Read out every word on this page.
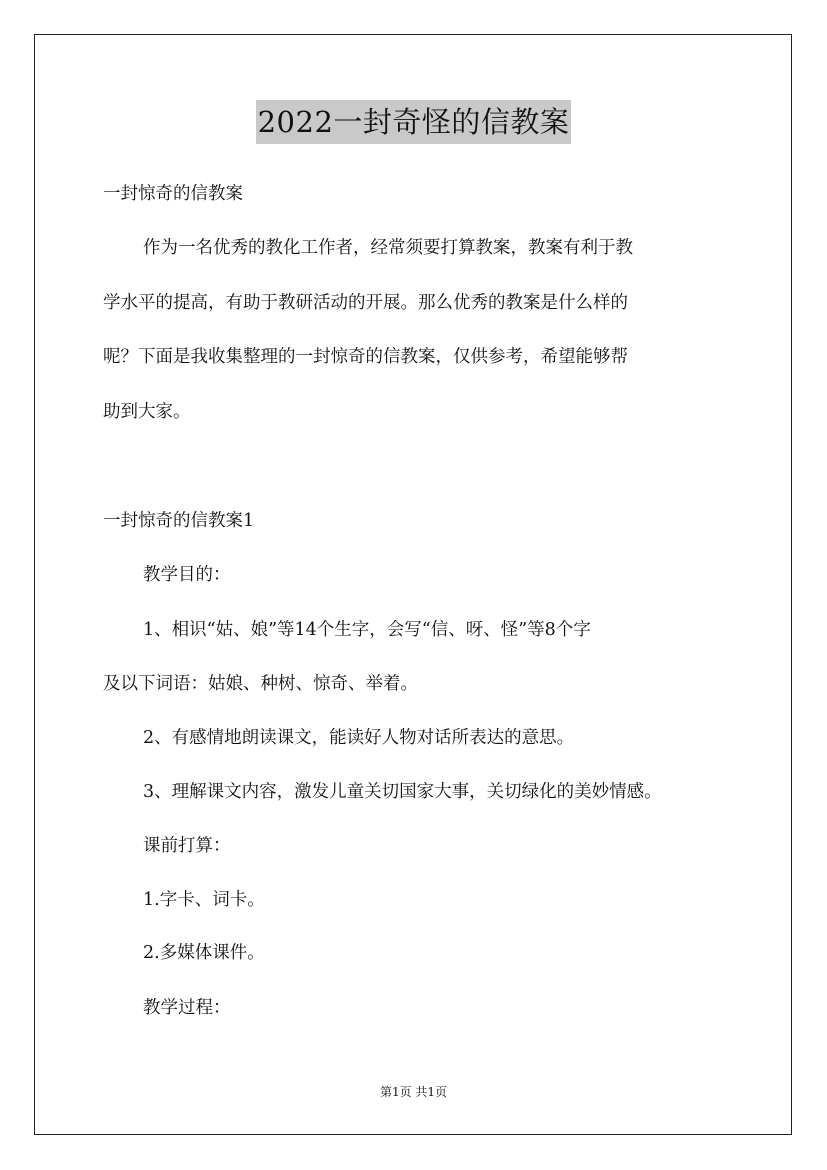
2022一封奇怪的信教案
一封惊奇的信教案
作为一名优秀的教化工作者，经常须要打算教案，教案有利于教
学水平的提高，有助于教研活动的开展。那么优秀的教案是什么样的
呢？下面是我收集整理的一封惊奇的信教案，仅供参考，希望能够帮
助到大家。
一封惊奇的信教案1
教学目的：
1、相识“姑、娘”等14个生字，会写“信、呀、怪”等8个字
及以下词语：姑娘、种树、惊奇、举着。
2、有感情地朗读课文，能读好人物对话所表达的意思。
3、理解课文内容，激发儿童关切国家大事，关切绿化的美妙情感。
课前打算：
1.字卡、词卡。
2.多媒体课件。
教学过程：
第1页 共1页
